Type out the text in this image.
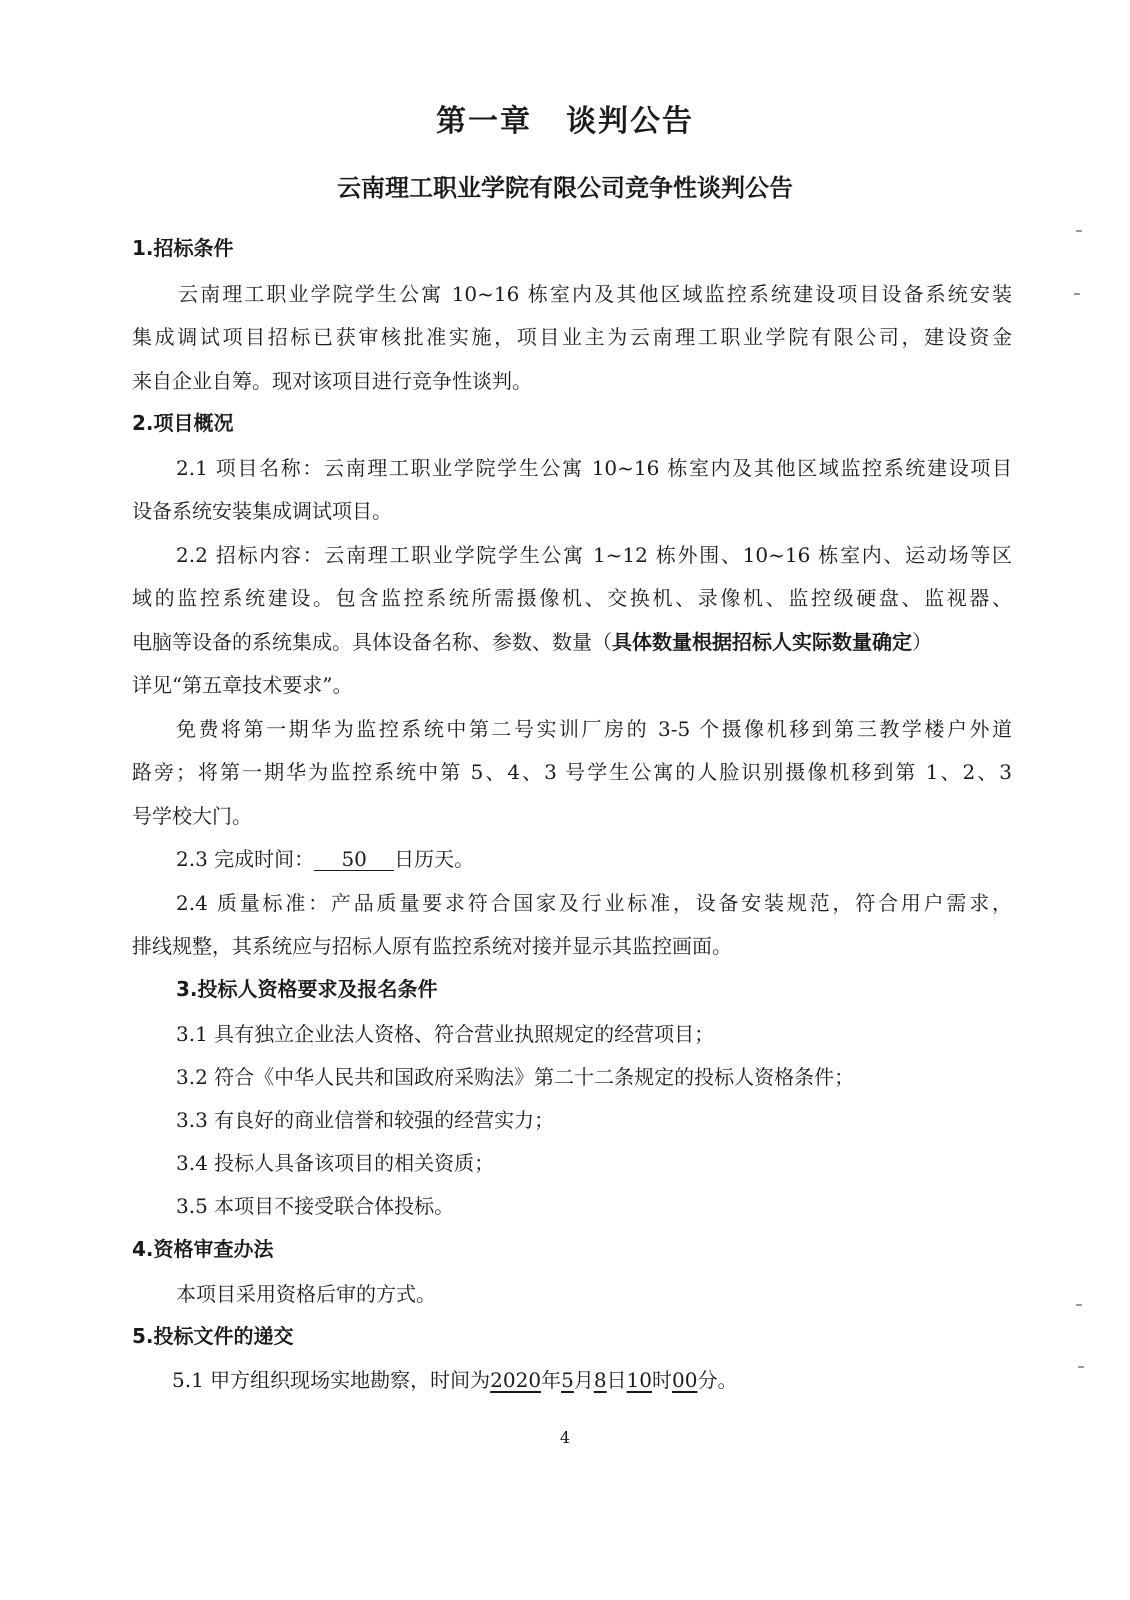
第一章 谈判公告
云南理工职业学院有限公司竞争性谈判公告
1.招标条件
云南理工职业学院学生公寓 10~16 栋室内及其他区域监控系统建设项目设备系统安装
集成调试项目招标已获审核批准实施，项目业主为云南理工职业学院有限公司，建设资金
来自企业自筹。现对该项目进行竞争性谈判。
2.项目概况
2.1 项目名称：云南理工职业学院学生公寓 10~16 栋室内及其他区域监控系统建设项目
设备系统安装集成调试项目。
2.2 招标内容：云南理工职业学院学生公寓 1~12 栋外围、10~16 栋室内、运动场等区
域的监控系统建设。包含监控系统所需摄像机、交换机、录像机、监控级硬盘、监视器、
电脑等设备的系统集成。具体设备名称、参数、数量（具体数量根据招标人实际数量确定）
详见“第五章技术要求”。
免费将第一期华为监控系统中第二号实训厂房的 3-5 个摄像机移到第三教学楼户外道
路旁；将第一期华为监控系统中第 5、4、3 号学生公寓的人脸识别摄像机移到第 1、2、3
号学校大门。
2.3 完成时间： 50 日历天。
2.4 质量标准：产品质量要求符合国家及行业标准，设备安装规范，符合用户需求，
排线规整，其系统应与招标人原有监控系统对接并显示其监控画面。
3.投标人资格要求及报名条件
3.1 具有独立企业法人资格、符合营业执照规定的经营项目；
3.2 符合《中华人民共和国政府采购法》第二十二条规定的投标人资格条件；
3.3 有良好的商业信誉和较强的经营实力；
3.4 投标人具备该项目的相关资质；
3.5 本项目不接受联合体投标。
4.资格审查办法
本项目采用资格后审的方式。
5.投标文件的递交
5.1 甲方组织现场实地勘察，时间为2020年5月8日10时00分。
4
